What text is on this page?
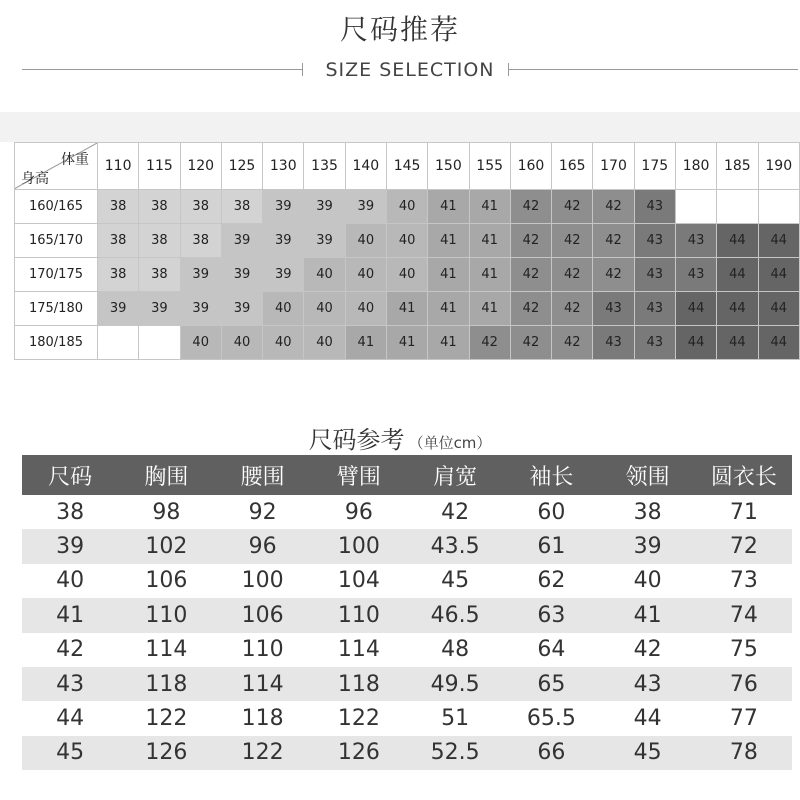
尺码推荐
SIZE SELECTION
体重
身高	110	115	120	125	130	135	140	145	150	155	160	165	170	175	180	185	190
160/165	38	38	38	38	39	39	39	40	41	41	42	42	42	43			
165/170	38	38	38	39	39	39	40	40	41	41	42	42	42	43	43	44	44
170/175	38	38	39	39	39	40	40	40	41	41	42	42	42	43	43	44	44
175/180	39	39	39	39	40	40	40	41	41	41	42	42	43	43	44	44	44
180/185			40	40	40	40	41	41	41	42	42	42	43	43	44	44	44
尺码参考 （单位cm）
尺码	胸围	腰围	臂围	肩宽	袖长	领围	圆衣长
38	98	92	96	42	60	38	71
39	102	96	100	43.5	61	39	72
40	106	100	104	45	62	40	73
41	110	106	110	46.5	63	41	74
42	114	110	114	48	64	42	75
43	118	114	118	49.5	65	43	76
44	122	118	122	51	65.5	44	77
45	126	122	126	52.5	66	45	78
